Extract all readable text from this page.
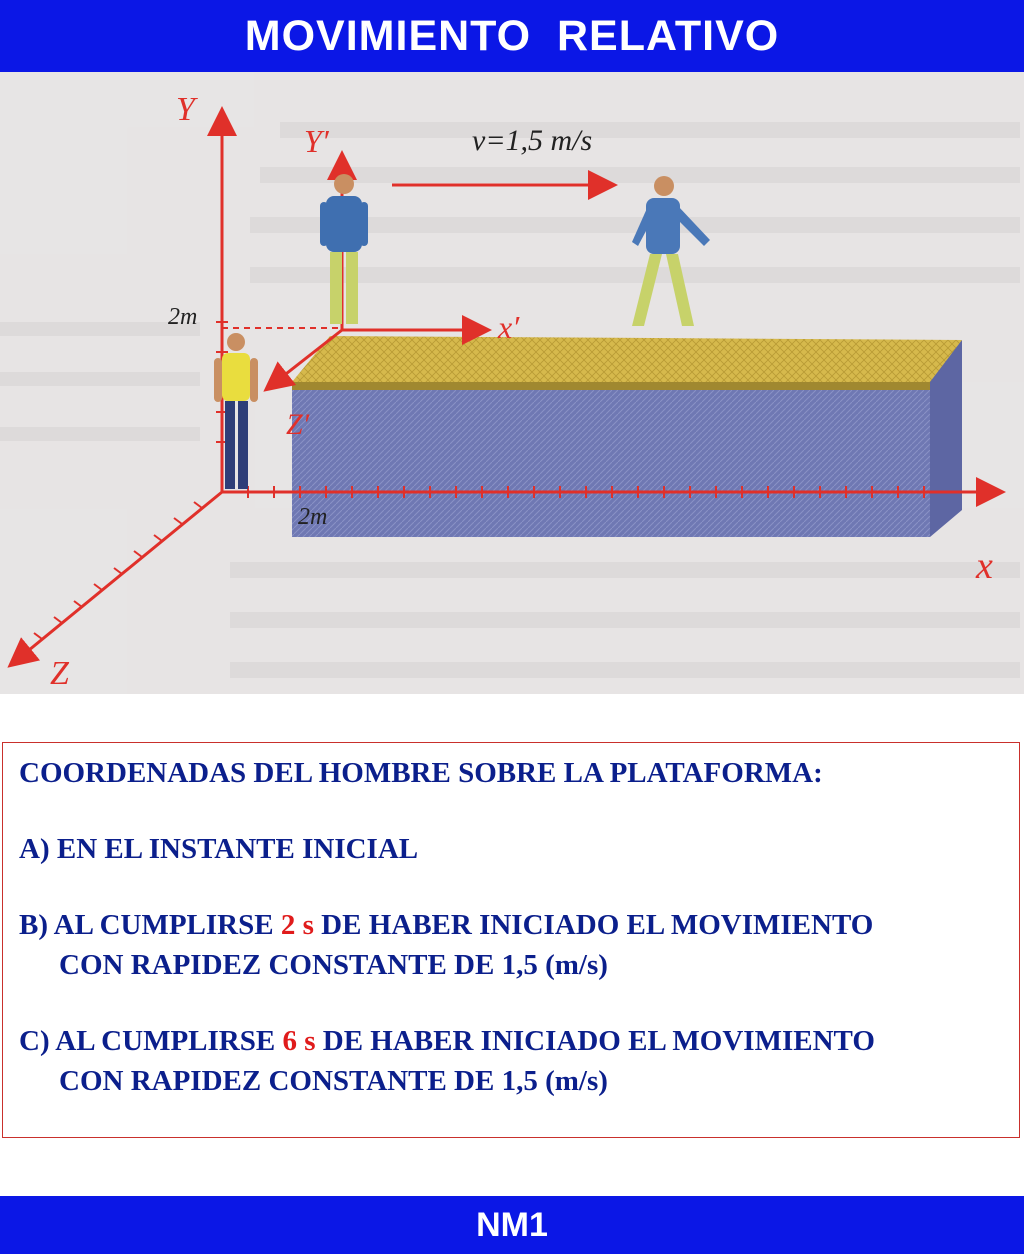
MOVIMIENTO  RELATIVO
v=1,5 m/s
Y
x
Z
Y′
x′
Z′
2m
2m
COORDENADAS DEL HOMBRE SOBRE LA PLATAFORMA:
A) EN EL INSTANTE INICIAL
B) AL CUMPLIRSE 2 s DE HABER INICIADO EL MOVIMIENTO
CON RAPIDEZ CONSTANTE DE 1,5 (m/s)
C) AL CUMPLIRSE 6 s DE HABER INICIADO EL MOVIMIENTO
CON RAPIDEZ CONSTANTE DE 1,5 (m/s)
NM1
